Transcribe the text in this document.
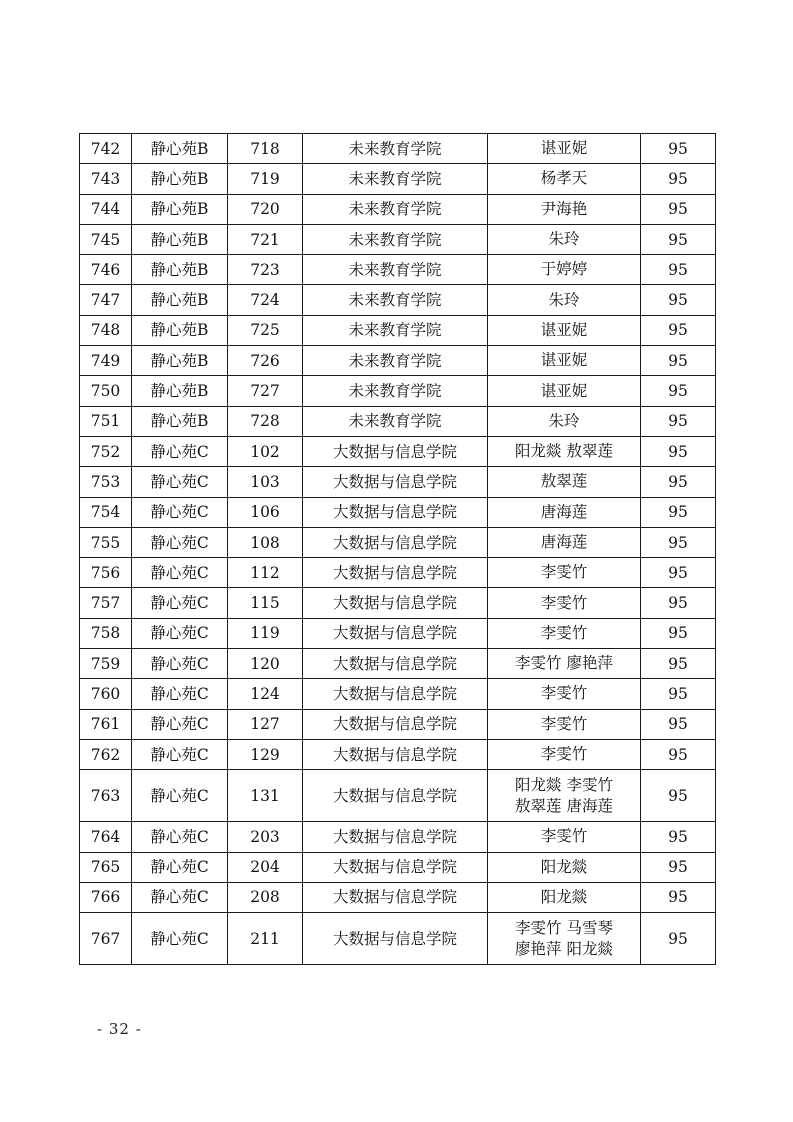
742	静心苑B	718	未来教育学院	谌亚妮	95
743	静心苑B	719	未来教育学院	杨孝天	95
744	静心苑B	720	未来教育学院	尹海艳	95
745	静心苑B	721	未来教育学院	朱玲	95
746	静心苑B	723	未来教育学院	于婷婷	95
747	静心苑B	724	未来教育学院	朱玲	95
748	静心苑B	725	未来教育学院	谌亚妮	95
749	静心苑B	726	未来教育学院	谌亚妮	95
750	静心苑B	727	未来教育学院	谌亚妮	95
751	静心苑B	728	未来教育学院	朱玲	95
752	静心苑C	102	大数据与信息学院	阳龙燚 敖翠莲	95
753	静心苑C	103	大数据与信息学院	敖翠莲	95
754	静心苑C	106	大数据与信息学院	唐海莲	95
755	静心苑C	108	大数据与信息学院	唐海莲	95
756	静心苑C	112	大数据与信息学院	李雯竹	95
757	静心苑C	115	大数据与信息学院	李雯竹	95
758	静心苑C	119	大数据与信息学院	李雯竹	95
759	静心苑C	120	大数据与信息学院	李雯竹 廖艳萍	95
760	静心苑C	124	大数据与信息学院	李雯竹	95
761	静心苑C	127	大数据与信息学院	李雯竹	95
762	静心苑C	129	大数据与信息学院	李雯竹	95
763	静心苑C	131	大数据与信息学院	阳龙燚 李雯竹
敖翠莲 唐海莲	95
764	静心苑C	203	大数据与信息学院	李雯竹	95
765	静心苑C	204	大数据与信息学院	阳龙燚	95
766	静心苑C	208	大数据与信息学院	阳龙燚	95
767	静心苑C	211	大数据与信息学院	李雯竹 马雪琴
廖艳萍 阳龙燚	95
- 32 -
